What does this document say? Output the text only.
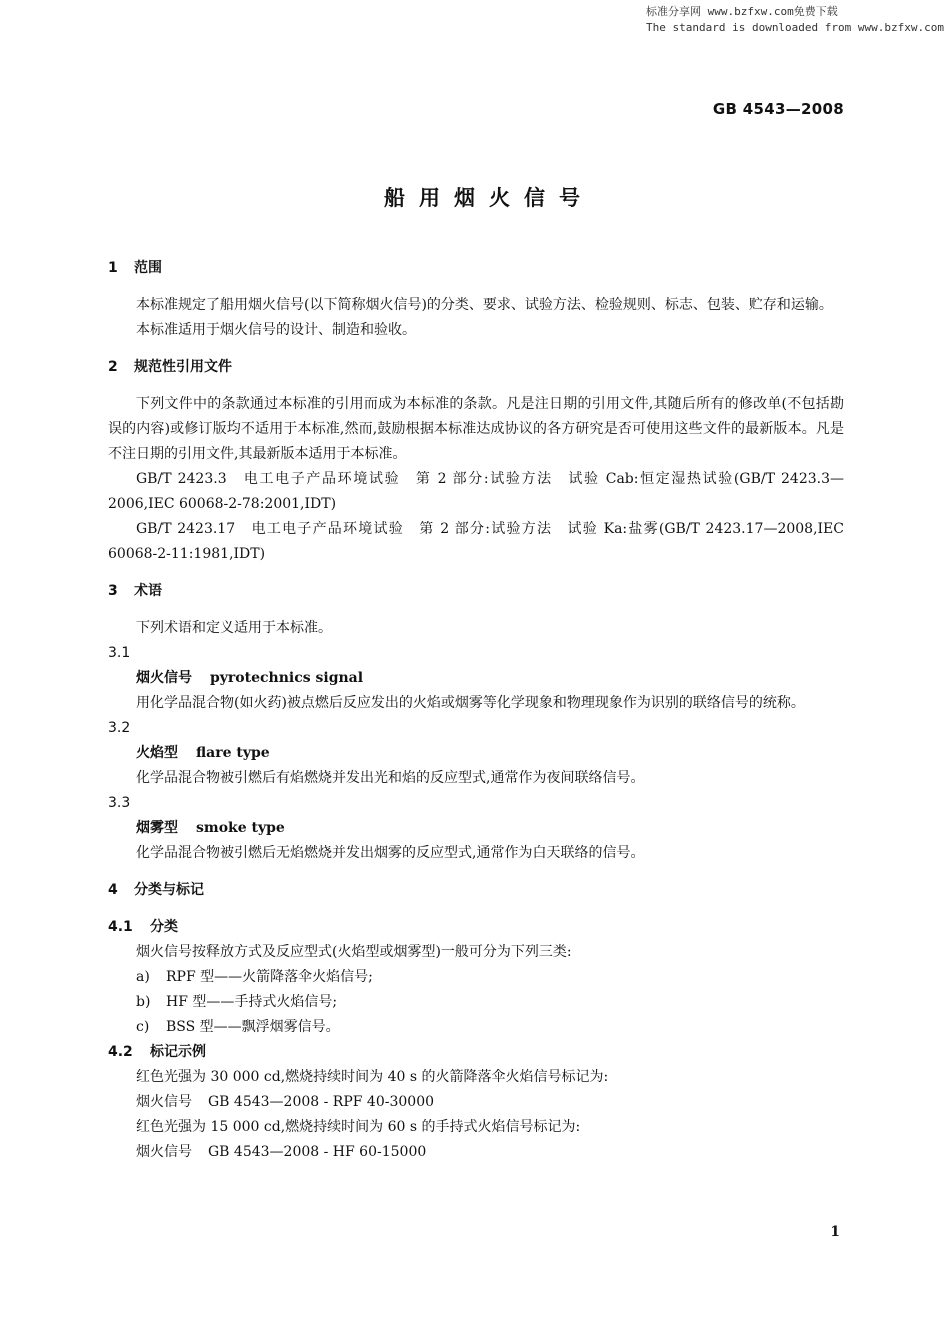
标准分享网 www.bzfxw.com免费下载
The standard is downloaded from www.bzfxw.com
GB 4543—2008
船用烟火信号
1 范围
本标准规定了船用烟火信号(以下简称烟火信号)的分类、要求、试验方法、检验规则、标志、包装、贮存和运输。
本标准适用于烟火信号的设计、制造和验收。
2 规范性引用文件
下列文件中的条款通过本标准的引用而成为本标准的条款。凡是注日期的引用文件,其随后所有的修改单(不包括勘误的内容)或修订版均不适用于本标准,然而,鼓励根据本标准达成协议的各方研究是否可使用这些文件的最新版本。凡是不注日期的引用文件,其最新版本适用于本标准。
GB/T 2423.3　电工电子产品环境试验　第 2 部分:试验方法　试验 Cab:恒定湿热试验(GB/T 2423.3—2006,IEC 60068-2-78:2001,IDT)
GB/T 2423.17　电工电子产品环境试验　第 2 部分:试验方法　试验 Ka:盐雾(GB/T 2423.17—2008,IEC 60068-2-11:1981,IDT)
3 术语
下列术语和定义适用于本标准。
3.1
烟火信号 pyrotechnics signal
用化学品混合物(如火药)被点燃后反应发出的火焰或烟雾等化学现象和物理现象作为识别的联络信号的统称。
3.2
火焰型 flare type
化学品混合物被引燃后有焰燃烧并发出光和焰的反应型式,通常作为夜间联络信号。
3.3
烟雾型 smoke type
化学品混合物被引燃后无焰燃烧并发出烟雾的反应型式,通常作为白天联络的信号。
4 分类与标记
4.1 分类
烟火信号按释放方式及反应型式(火焰型或烟雾型)一般可分为下列三类:
a) RPF 型——火箭降落伞火焰信号;
b) HF 型——手持式火焰信号;
c) BSS 型——飘浮烟雾信号。
4.2 标记示例
红色光强为 30 000 cd,燃烧持续时间为 40 s 的火箭降落伞火焰信号标记为:
烟火信号 GB 4543—2008 - RPF 40-30000
红色光强为 15 000 cd,燃烧持续时间为 60 s 的手持式火焰信号标记为:
烟火信号 GB 4543—2008 - HF 60-15000
1
